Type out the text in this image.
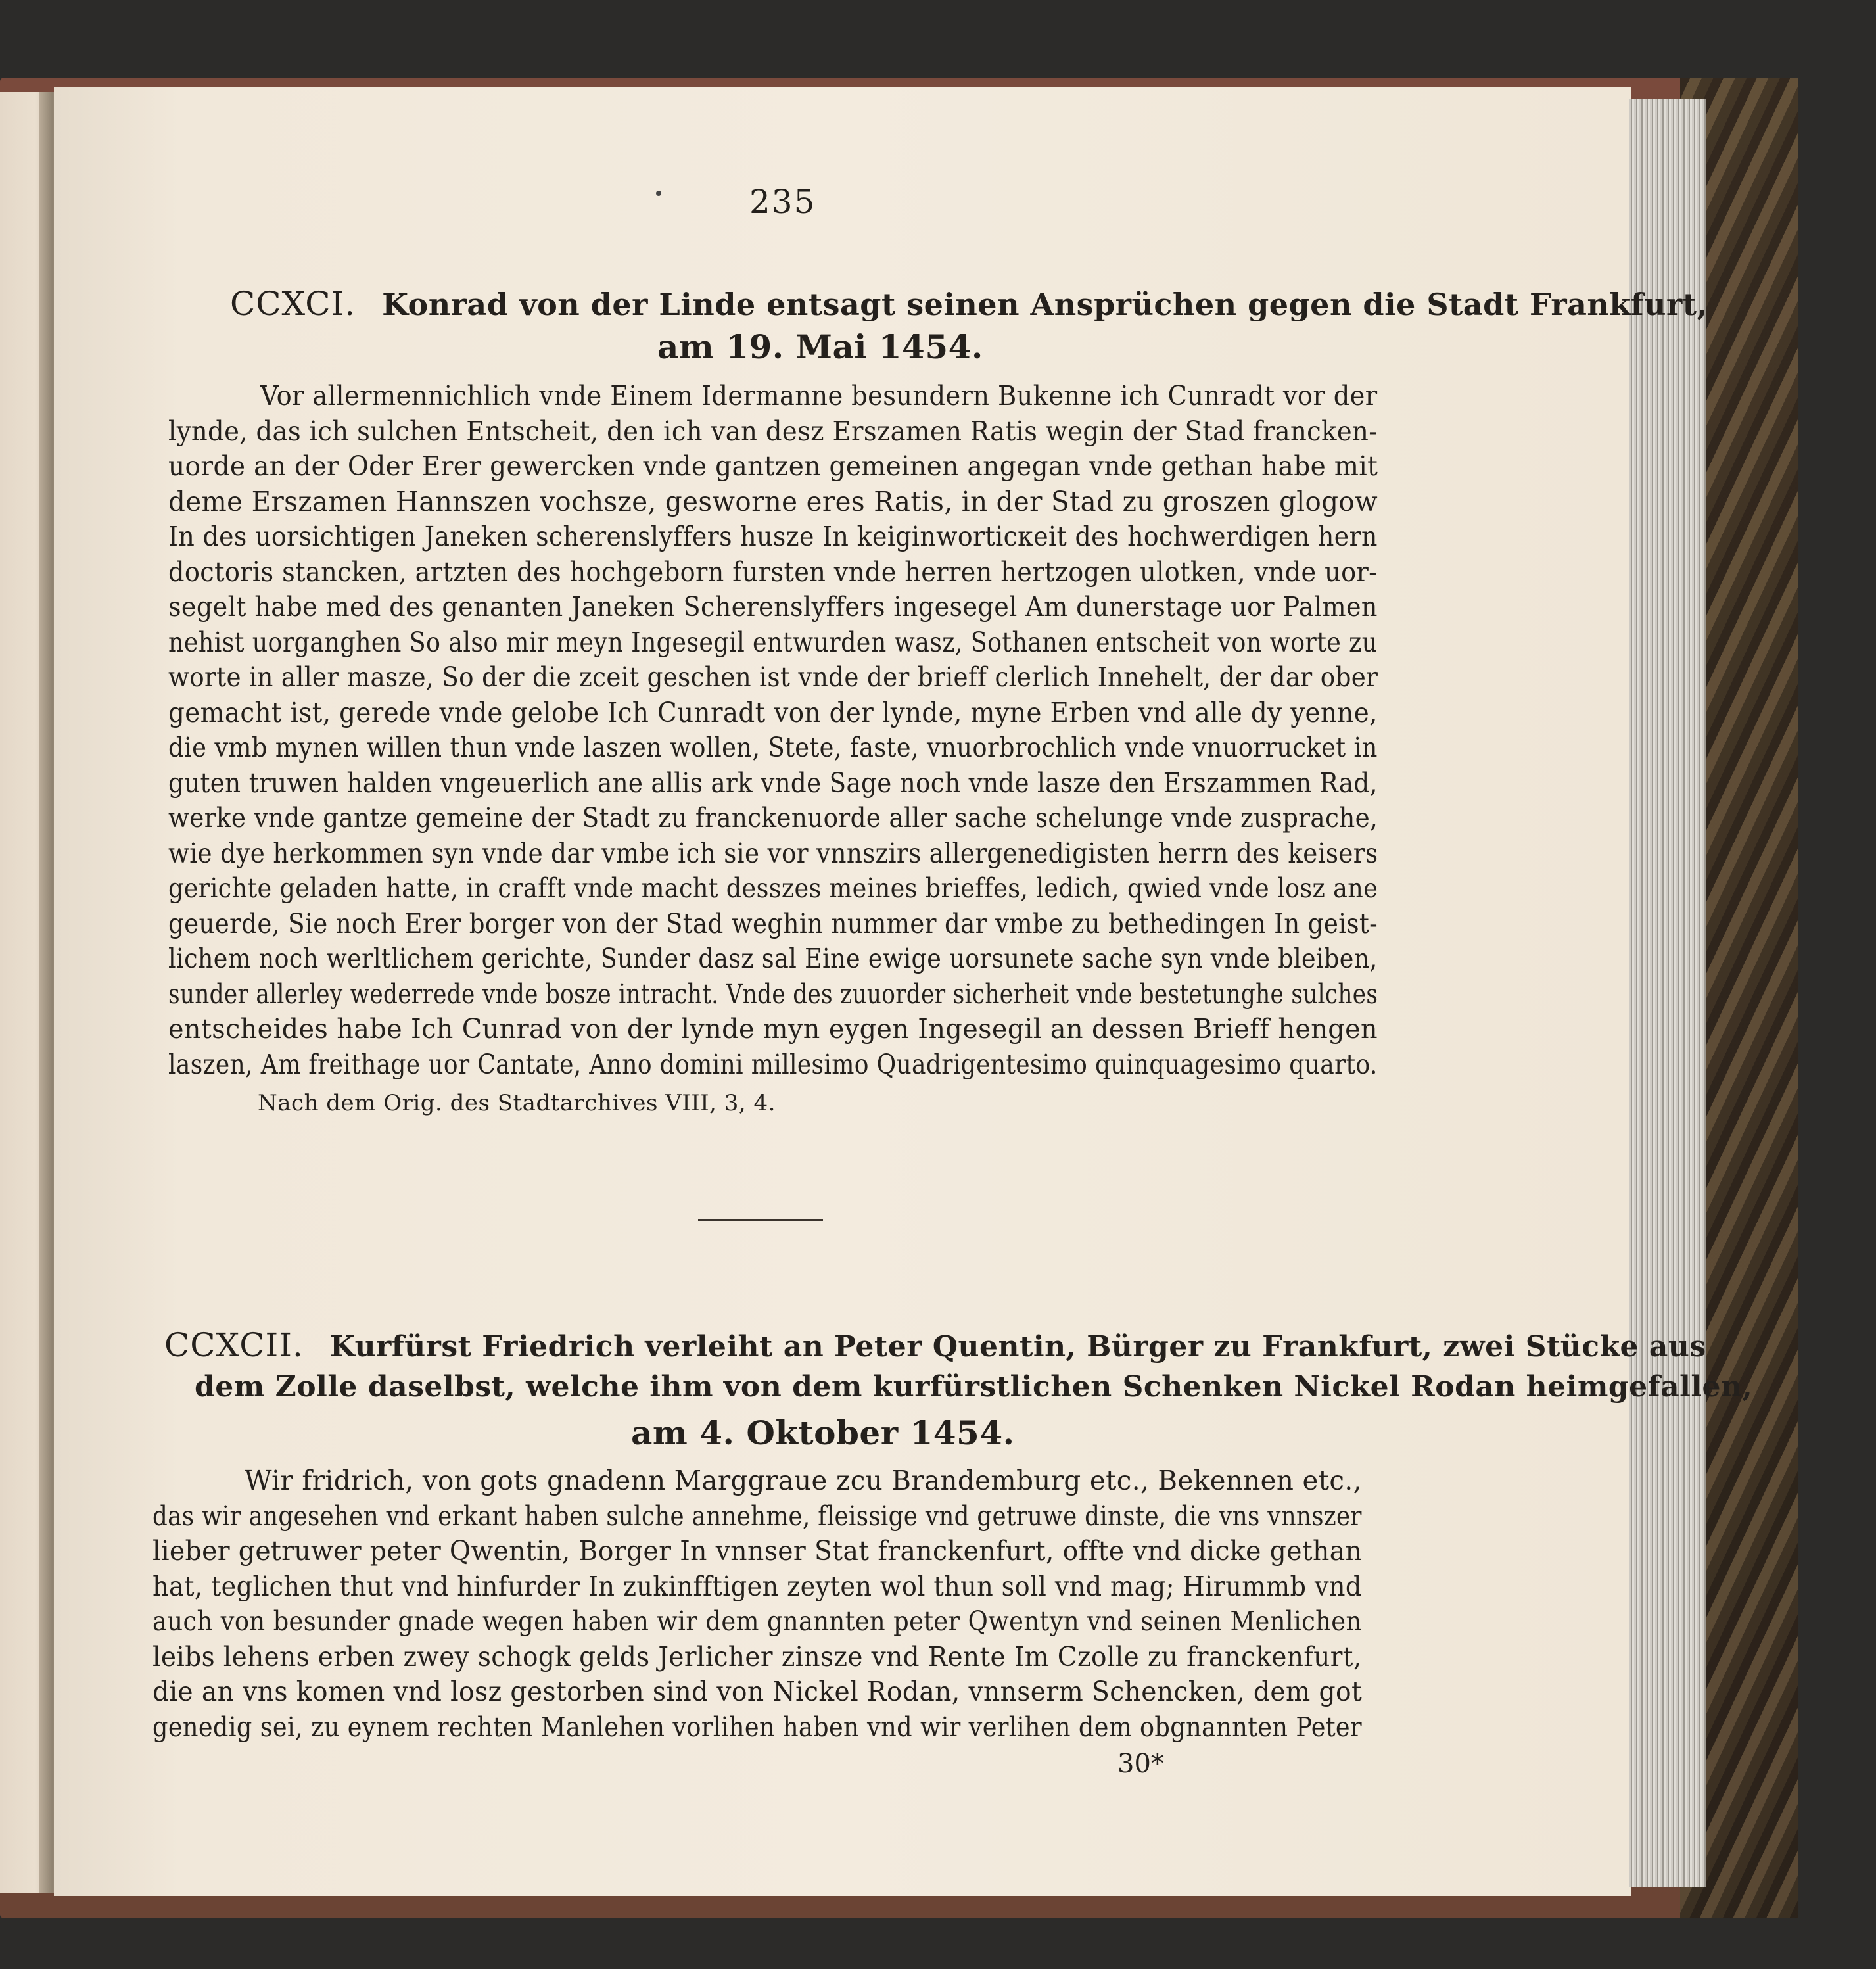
235
CCXCI. Konrad von der Linde entsagt seinen Ansprüchen gegen die Stadt Frankfurt,
am 19. Mai 1454.
Vor allermennichlich vnde Einem Idermanne besundern Bukenne ich Cunradt vor der
lynde, das ich sulchen Entscheit, den ich van desz Erszamen Ratis wegin der Stad francken-
uorde an der Oder Erer gewercken vnde gantzen gemeinen angegan vnde gethan habe mit
deme Erszamen Hannszen vochsze, gesworne eres Ratis, in der Stad zu groszen glogow
In des uorsichtigen Janeken scherenslyffers husze In keiginworticкeit des hochwerdigen hern
doctoris stancken, artzten des hochgeborn fursten vnde herren hertzogen ulotken, vnde uor-
segelt habe med des genanten Janeken Scherenslyffers ingesegel Am dunerstage uor Palmen
nehist uorganghen So also mir meyn Ingesegil entwurden wasz, Sothanen entscheit von worte zu
worte in aller masze, So der die zceit geschen ist vnde der brieff clerlich Innehelt, der dar ober
gemacht ist, gerede vnde gelobe Ich Cunradt von der lynde, myne Erben vnd alle dy yenne,
die vmb mynen willen thun vnde laszen wollen, Stete, faste, vnuorbrochlich vnde vnuorrucket in
guten truwen halden vngeuerlich ane allis ark vnde Sage noch vnde lasze den Erszammen Rad,
werke vnde gantze gemeine der Stadt zu franckenuorde aller sache schelunge vnde zusprache,
wie dye herkommen syn vnde dar vmbe ich sie vor vnnszirs allergenedigisten herrn des keisers
gerichte geladen hatte, in crafft vnde macht desszes meines brieffes, ledich, qwied vnde losz ane
geuerde, Sie noch Erer borger von der Stad weghin nummer dar vmbe zu bethedingen In geist-
lichem noch werltlichem gerichte, Sunder dasz sal Eine ewige uorsunete sache syn vnde bleiben,
sunder allerley wederrede vnde bosze intracht. Vnde des zuuorder sicherheit vnde bestetunghe sulches
entscheides habe Ich Cunrad von der lynde myn eygen Ingesegil an dessen Brieff hengen
laszen, Am freithage uor Cantate, Anno domini millesimo Quadrigentesimo quinquagesimo quarto.
Nach dem Orig. des Stadtarchives VIII, 3, 4.
CCXCII. Kurfürst Friedrich verleiht an Peter Quentin, Bürger zu Frankfurt, zwei Stücke aus
dem Zolle daselbst, welche ihm von dem kurfürstlichen Schenken Nickel Rodan heimgefallen,
am 4. Oktober 1454.
Wir fridrich, von gots gnadenn Marggraue zcu Brandemburg etc., Bekennen etc.,
das wir angesehen vnd erkant haben sulche annehme, fleissige vnd getruwe dinste, die vns vnnszer
lieber getruwer peter Qwentin, Borger In vnnser Stat franckenfurt, offte vnd dicke gethan
hat, teglichen thut vnd hinfurder In zukinfftigen zeyten wol thun soll vnd mag; Hirummb vnd
auch von besunder gnade wegen haben wir dem gnannten peter Qwentyn vnd seinen Menlichen
leibs lehens erben zwey schogk gelds Jerlicher zinsze vnd Rente Im Czolle zu franckenfurt,
die an vns komen vnd losz gestorben sind von Nickel Rodan, vnnserm Schencken, dem got
genedig sei, zu eynem rechten Manlehen vorlihen haben vnd wir verlihen dem obgnannten Peter
30*
